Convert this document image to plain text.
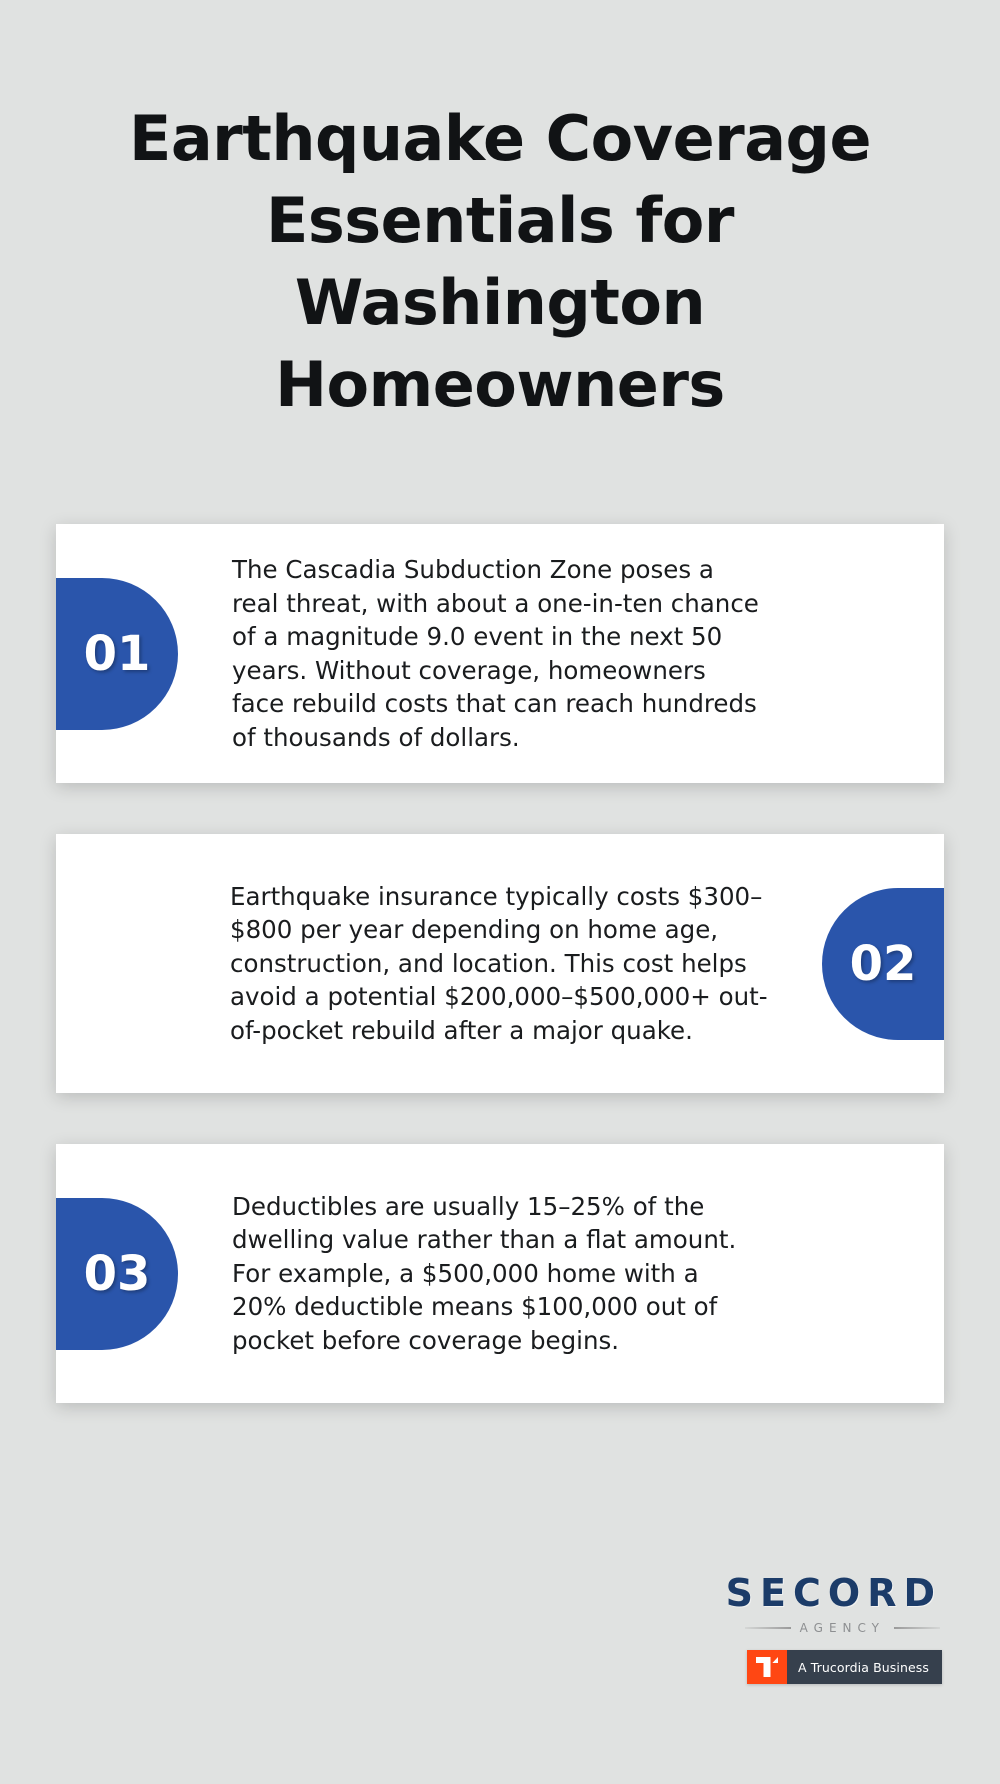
Earthquake Coverage Essentials for Washington Homeowners
01

The Cascadia Subduction Zone poses a real threat, with about a one-in-ten chance of a magnitude 9.0 event in the next 50 years. Without coverage, homeowners face rebuild costs that can reach hundreds of thousands of dollars.

Earthquake insurance typically costs $300–$800 per year depending on home age, construction, and location. This cost helps avoid a potential $200,000–$500,000+ out-of-pocket rebuild after a major quake.

02
03

Deductibles are usually 15–25% of the dwelling value rather than a flat amount. For example, a $500,000 home with a 20% deductible means $100,000 out of pocket before coverage begins.

SECORD
AGENCY
A Trucordia Business
